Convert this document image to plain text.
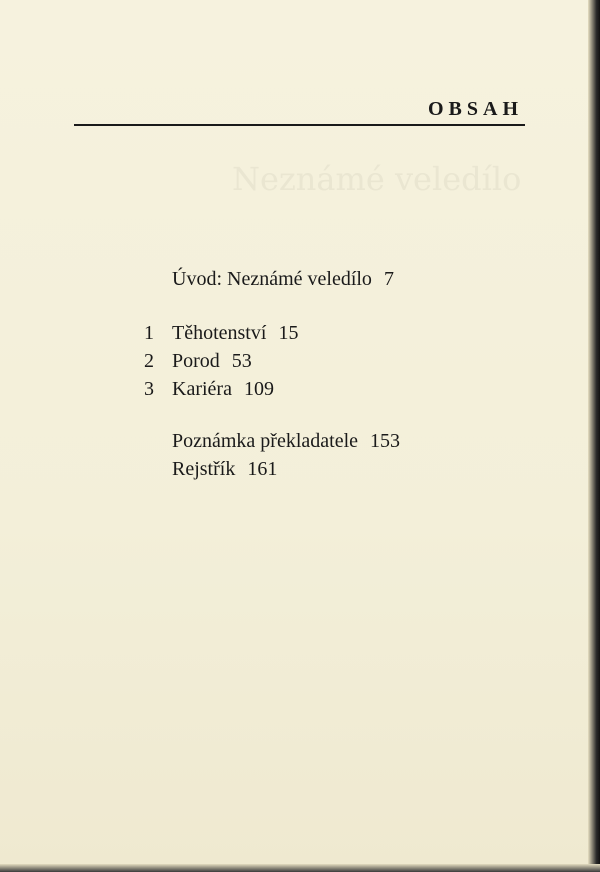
Neznámé veledílo
OBSAH
Úvod: Neznámé veledílo 7
1 Těhotenství 15
2 Porod 53
3 Kariéra 109
Poznámka překladatele 153
Rejstřík 161
